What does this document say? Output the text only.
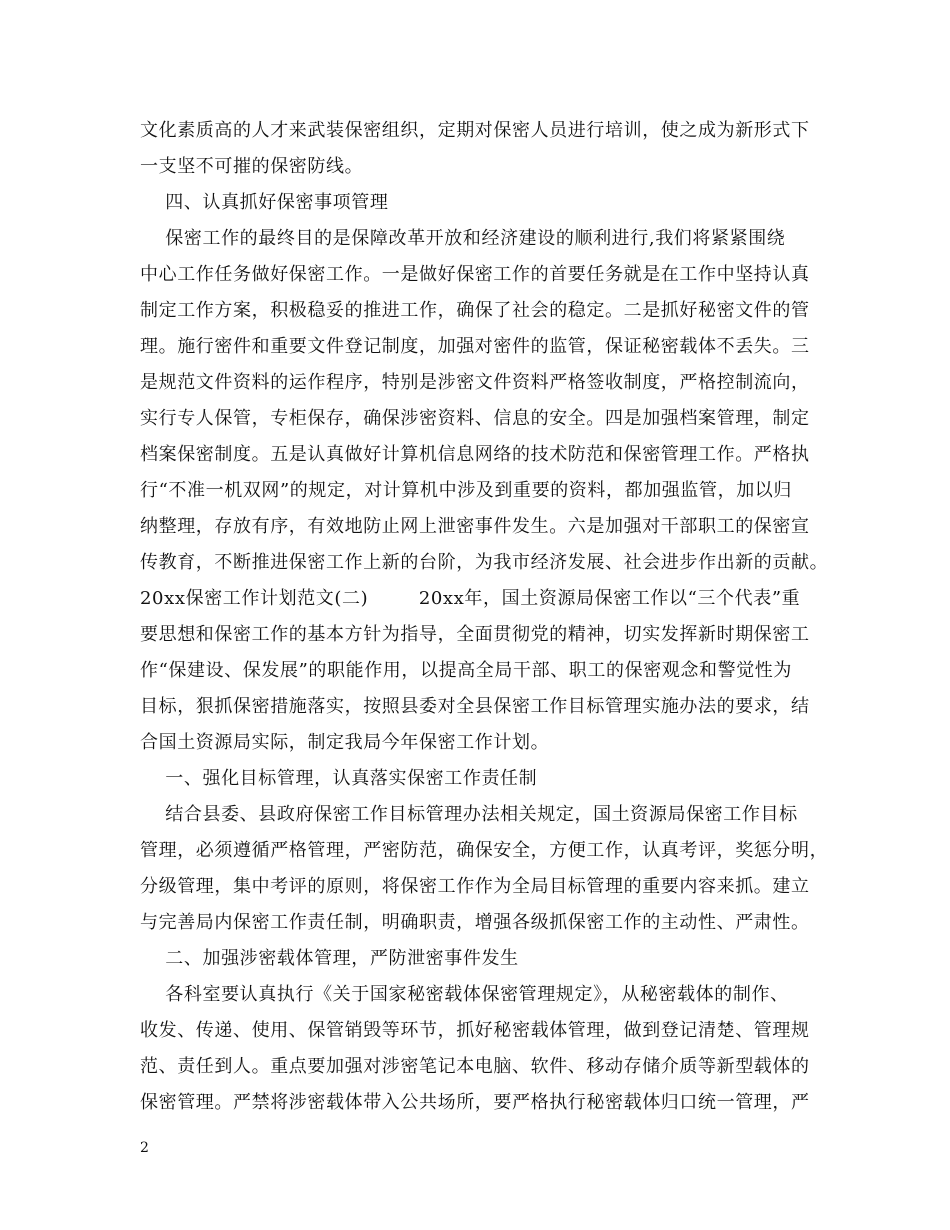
文化素质高的人才来武装保密组织，定期对保密人员进行培训，使之成为新形式下
一支坚不可摧的保密防线。
四、认真抓好保密事项管理
保密工作的最终目的是保障改革开放和经济建设的顺利进行,我们将紧紧围绕
中心工作任务做好保密工作。一是做好保密工作的首要任务就是在工作中坚持认真
制定工作方案，积极稳妥的推进工作，确保了社会的稳定。二是抓好秘密文件的管
理。施行密件和重要文件登记制度，加强对密件的监管，保证秘密载体不丢失。三
是规范文件资料的运作程序，特别是涉密文件资料严格签收制度，严格控制流向，
实行专人保管，专柜保存，确保涉密资料、信息的安全。四是加强档案管理，制定
档案保密制度。五是认真做好计算机信息网络的技术防范和保密管理工作。严格执
行“不准一机双网”的规定，对计算机中涉及到重要的资料，都加强监管，加以归
纳整理，存放有序，有效地防止网上泄密事件发生。六是加强对干部职工的保密宣
传教育，不断推进保密工作上新的台阶，为我市经济发展、社会进步作出新的贡献。
20xx保密工作计划范文(二)        20xx年，国土资源局保密工作以“三个代表”重
要思想和保密工作的基本方针为指导，全面贯彻党的精神，切实发挥新时期保密工
作“保建设、保发展”的职能作用，以提高全局干部、职工的保密观念和警觉性为
目标，狠抓保密措施落实，按照县委对全县保密工作目标管理实施办法的要求，结
合国土资源局实际，制定我局今年保密工作计划。
一、强化目标管理，认真落实保密工作责任制
结合县委、县政府保密工作目标管理办法相关规定，国土资源局保密工作目标
管理，必须遵循严格管理，严密防范，确保安全，方便工作，认真考评，奖惩分明，
分级管理，集中考评的原则，将保密工作作为全局目标管理的重要内容来抓。建立
与完善局内保密工作责任制，明确职责，增强各级抓保密工作的主动性、严肃性。
二、加强涉密载体管理，严防泄密事件发生
各科室要认真执行《关于国家秘密载体保密管理规定》，从秘密载体的制作、
收发、传递、使用、保管销毁等环节，抓好秘密载体管理，做到登记清楚、管理规
范、责任到人。重点要加强对涉密笔记本电脑、软件、移动存储介质等新型载体的
保密管理。严禁将涉密载体带入公共场所，要严格执行秘密载体归口统一管理，严
2
